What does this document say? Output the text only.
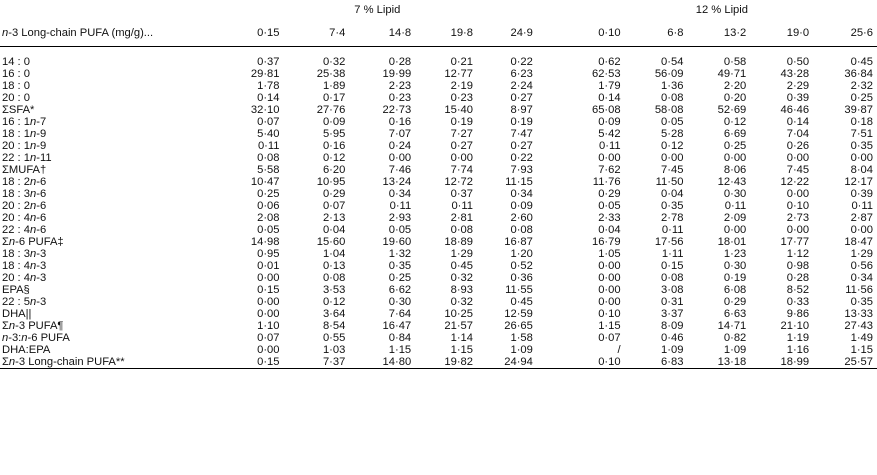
	7 % Lipid						12 % Lipid				
n-3 Long-chain PUFA (mg/g)...	0·15	7·4	14·8	19·8	24·9		0·10	6·8	13·2	19·0	25·6

14 : 0	0·37	0·32	0·28	0·21	0·22		0·62	0·54	0·58	0·50	0·45
16 : 0	29·81	25·38	19·99	12·77	6·23		62·53	56·09	49·71	43·28	36·84
18 : 0	1·78	1·89	2·23	2·19	2·24		1·79	1·36	2·20	2·29	2·32
20 : 0	0·14	0·17	0·23	0·23	0·27		0·14	0·08	0·20	0·39	0·25
ΣSFA*	32·10	27·76	22·73	15·40	8·97		65·08	58·08	52·69	46·46	39·87
16 : 1n-7	0·07	0·09	0·16	0·19	0·19		0·09	0·05	0·12	0·14	0·18
18 : 1n-9	5·40	5·95	7·07	7·27	7·47		5·42	5·28	6·69	7·04	7·51
20 : 1n-9	0·11	0·16	0·24	0·27	0·27		0·11	0·12	0·25	0·26	0·35
22 : 1n-11	0·08	0·12	0·00	0·00	0·22		0·00	0·00	0·00	0·00	0·00
ΣMUFA†	5·58	6·20	7·46	7·74	7·93		7·62	7·45	8·06	7·45	8·04
18 : 2n-6	10·47	10·95	13·24	12·72	11·15		11·76	11·50	12·43	12·22	12·17
18 : 3n-6	0·25	0·29	0·34	0·37	0·34		0·29	0·04	0·30	0·00	0·39
20 : 2n-6	0·06	0·07	0·11	0·11	0·09		0·05	0·35	0·11	0·10	0·11
20 : 4n-6	2·08	2·13	2·93	2·81	2·60		2·33	2·78	2·09	2·73	2·87
22 : 4n-6	0·05	0·04	0·05	0·08	0·08		0·04	0·11	0·00	0·00	0·00
Σn-6 PUFA‡	14·98	15·60	19·60	18·89	16·87		16·79	17·56	18·01	17·77	18·47
18 : 3n-3	0·95	1·04	1·32	1·29	1·20		1·05	1·11	1·23	1·12	1·29
18 : 4n-3	0·01	0·13	0·35	0·45	0·52		0·00	0·15	0·30	0·98	0·56
20 : 4n-3	0·00	0·08	0·25	0·32	0·36		0·00	0·08	0·19	0·28	0·34
EPA§	0·15	3·53	6·62	8·93	11·55		0·00	3·08	6·08	8·52	11·56
22 : 5n-3	0·00	0·12	0·30	0·32	0·45		0·00	0·31	0·29	0·33	0·35
DHA||	0·00	3·64	7·64	10·25	12·59		0·10	3·37	6·63	9·86	13·33
Σn-3 PUFA¶	1·10	8·54	16·47	21·57	26·65		1·15	8·09	14·71	21·10	27·43
n-3:n-6 PUFA	0·07	0·55	0·84	1·14	1·58		0·07	0·46	0·82	1·19	1·49
DHA:EPA	0·00	1·03	1·15	1·15	1·09		/	1·09	1·09	1·16	1·15
Σn-3 Long-chain PUFA**	0·15	7·37	14·80	19·82	24·94		0·10	6·83	13·18	18·99	25·57
